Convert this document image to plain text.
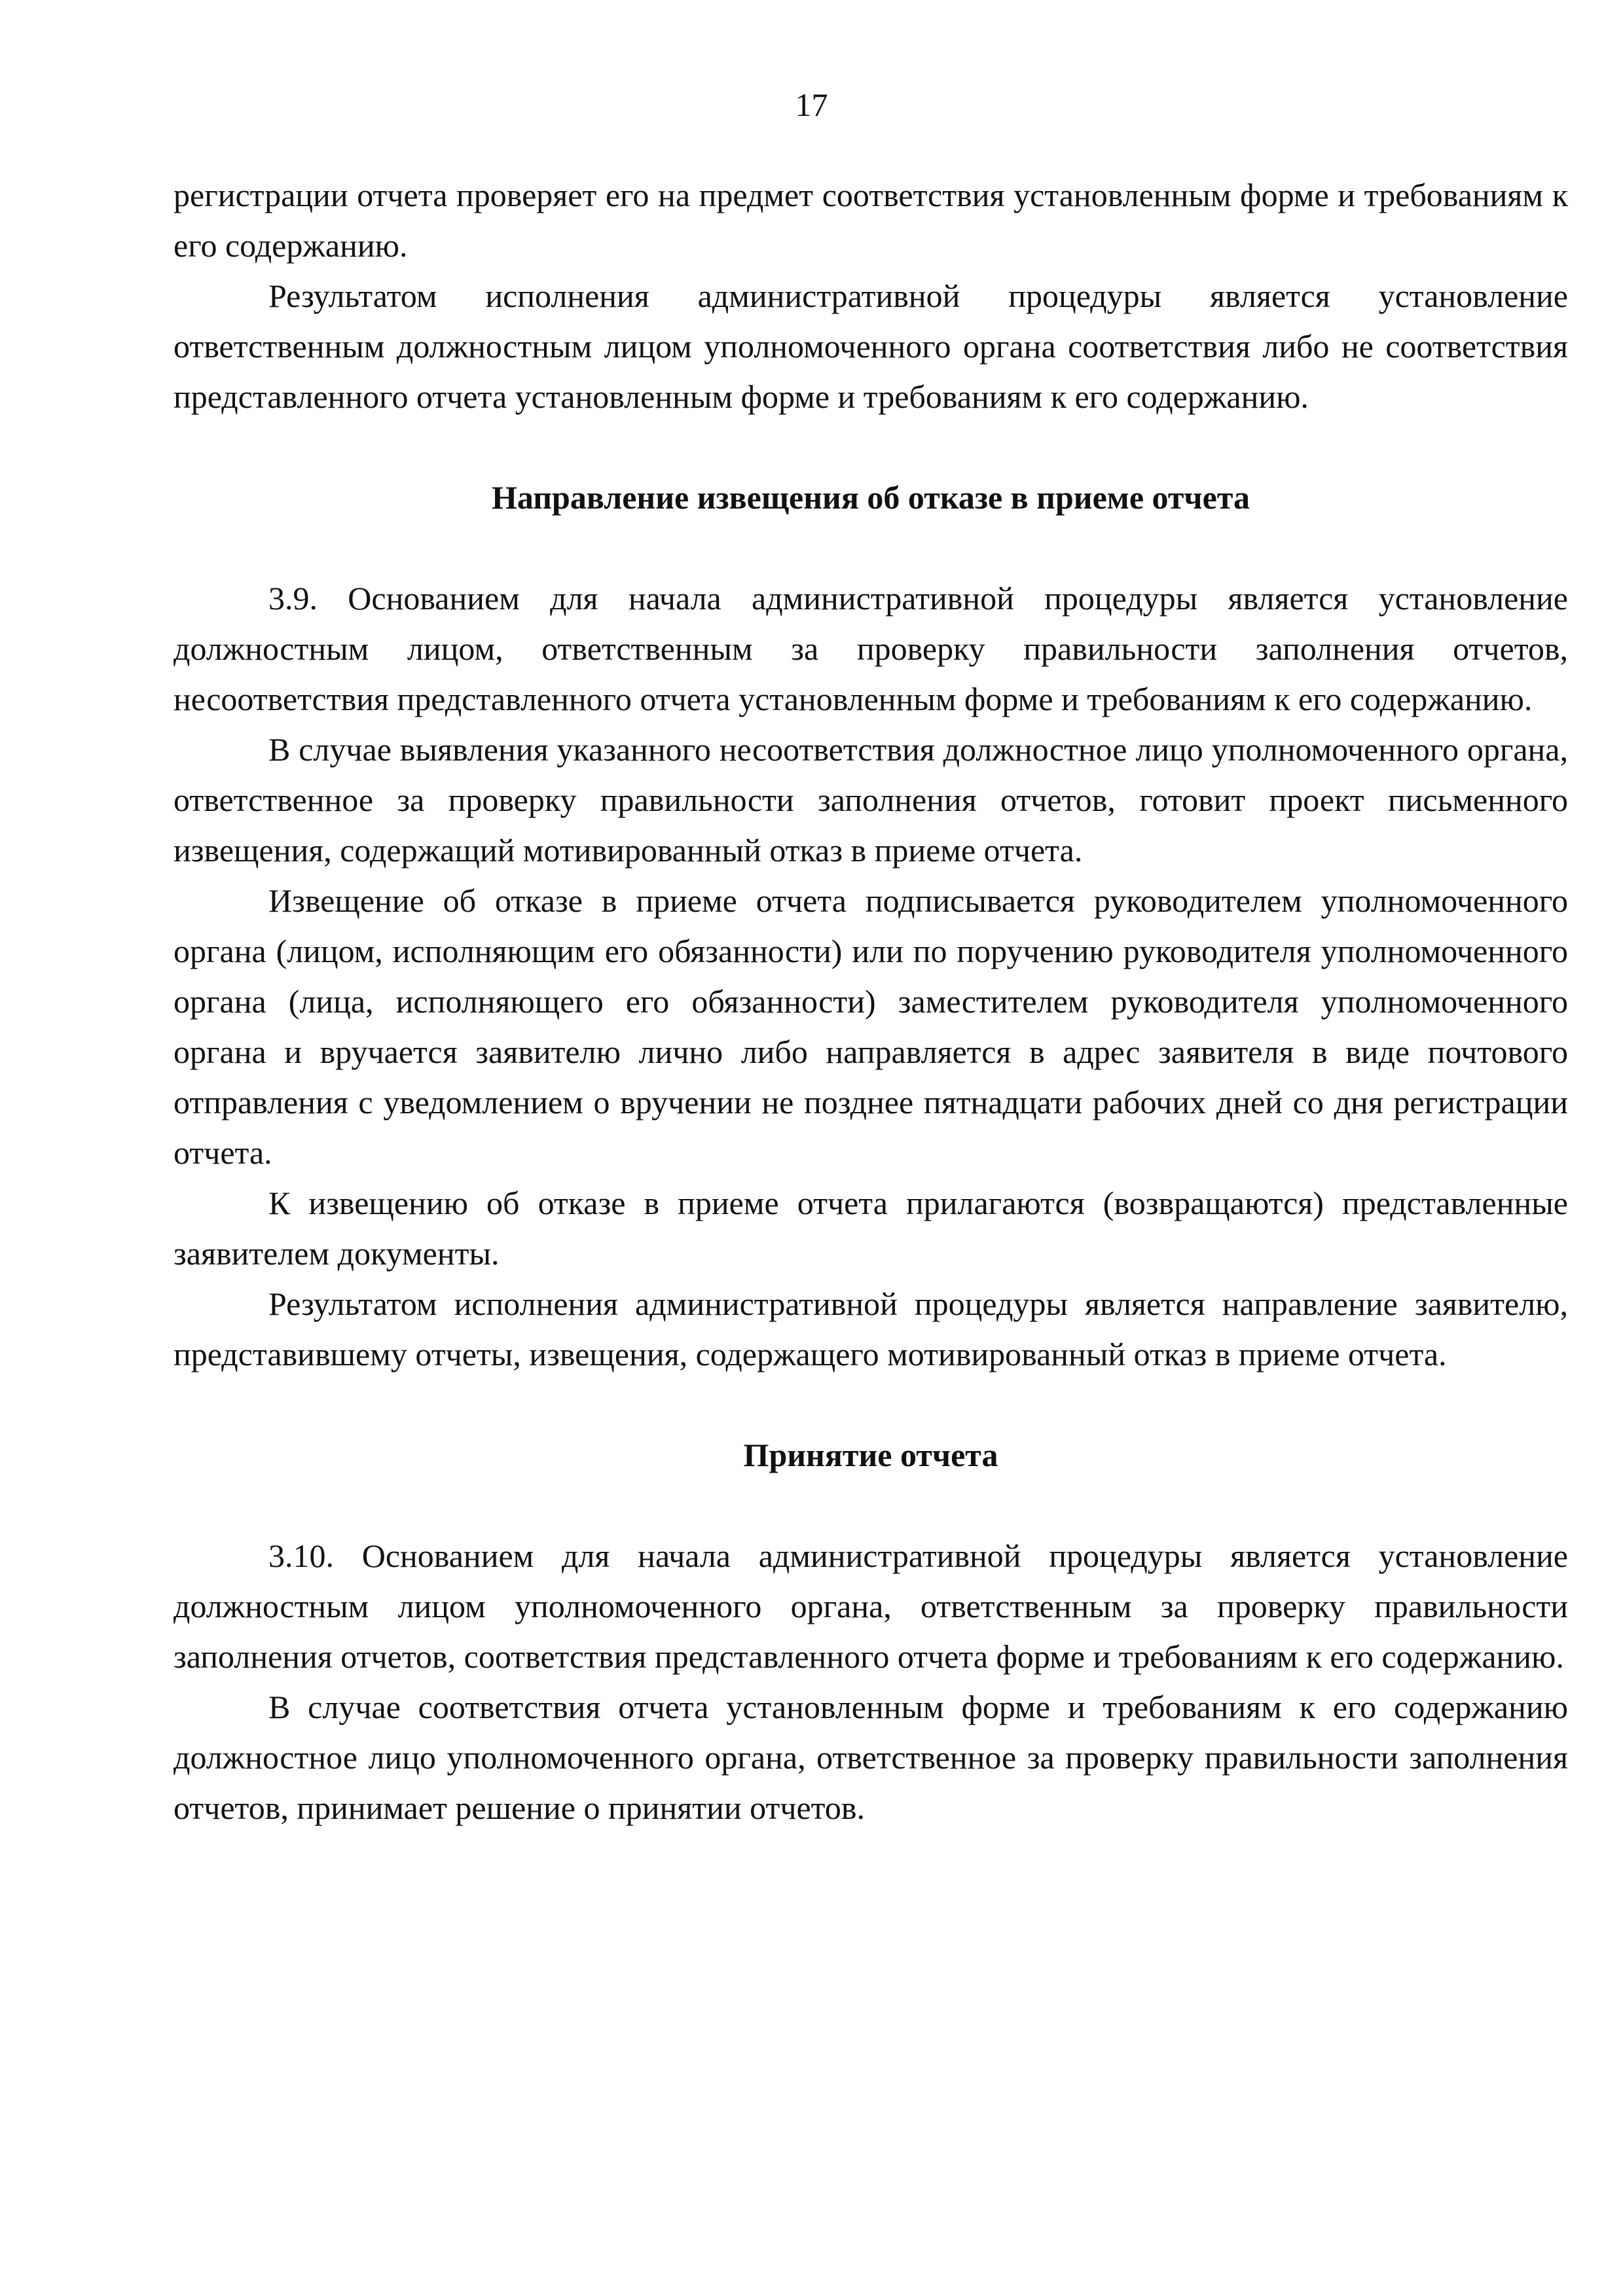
17

регистрации отчета проверяет его на предмет соответствия установленным форме и требованиям к его содержанию.

Результатом исполнения административной процедуры является установление ответственным должностным лицом уполномоченного органа соответствия либо не соответствия представленного отчета установленным форме и требованиям к его содержанию.

Направление извещения об отказе в приеме отчета

3.9. Основанием для начала административной процедуры является установление должностным лицом, ответственным за проверку правильности заполнения отчетов, несоответствия представленного отчета установленным форме и требованиям к его содержанию.

В случае выявления указанного несоответствия должностное лицо уполномоченного органа, ответственное за проверку правильности заполнения отчетов, готовит проект письменного извещения, содержащий мотивированный отказ в приеме отчета.

Извещение об отказе в приеме отчета подписывается руководителем уполномоченного органа (лицом, исполняющим его обязанности) или по поручению руководителя уполномоченного органа (лица, исполняющего его обязанности) заместителем руководителя уполномоченного органа и вручается заявителю лично либо направляется в адрес заявителя в виде почтового отправления с уведомлением о вручении не позднее пятнадцати рабочих дней со дня регистрации отчета.

К извещению об отказе в приеме отчета прилагаются (возвращаются) представленные заявителем документы.

Результатом исполнения административной процедуры является направление заявителю, представившему отчеты, извещения, содержащего мотивированный отказ в приеме отчета.

Принятие отчета

3.10. Основанием для начала административной процедуры является установление должностным лицом уполномоченного органа, ответственным за проверку правильности заполнения отчетов, соответствия представленного отчета форме и требованиям к его содержанию.

В случае соответствия отчета установленным форме и требованиям к его содержанию должностное лицо уполномоченного органа, ответственное за проверку правильности заполнения отчетов, принимает решение о принятии отчетов.
